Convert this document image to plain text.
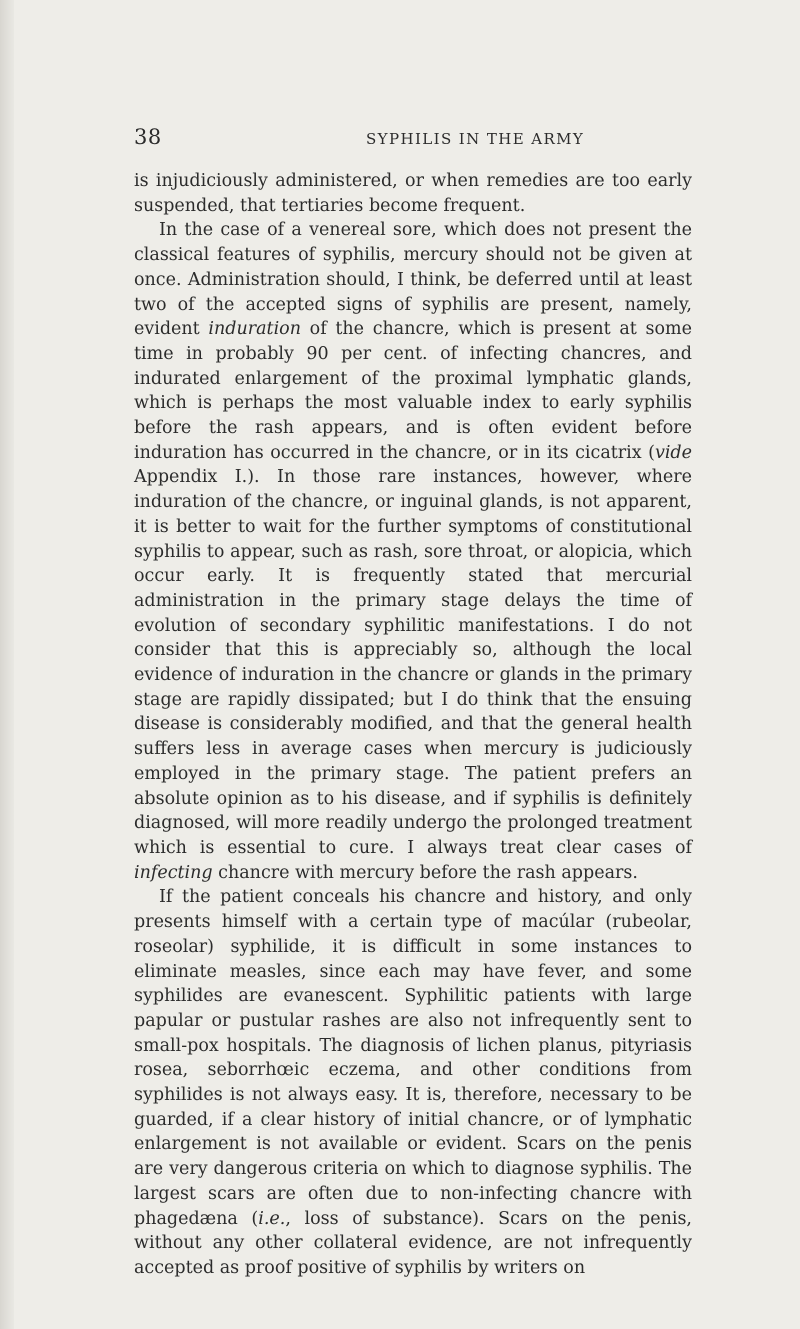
38	SYPHILIS IN THE ARMY

is injudiciously administered, or when remedies are too early suspended, that tertiaries become frequent.

In the case of a venereal sore, which does not present the classical features of syphilis, mercury should not be given at once. Administration should, I think, be deferred until at least two of the accepted signs of syphilis are present, namely, evident induration of the chancre, which is present at some time in probably 90 per cent. of infecting chancres, and indurated enlargement of the proximal lymphatic glands, which is perhaps the most valuable index to early syphilis before the rash appears, and is often evident before induration has occurred in the chancre, or in its cicatrix (vide Appendix I.). In those rare instances, however, where induration of the chancre, or inguinal glands, is not apparent, it is better to wait for the further symptoms of constitutional syphilis to appear, such as rash, sore throat, or alopicia, which occur early. It is frequently stated that mercurial administration in the primary stage delays the time of evolution of secondary syphilitic manifestations. I do not consider that this is appreciably so, although the local evidence of induration in the chancre or glands in the primary stage are rapidly dissipated; but I do think that the ensuing disease is considerably modified, and that the general health suffers less in average cases when mercury is judiciously employed in the primary stage. The patient prefers an absolute opinion as to his disease, and if syphilis is definitely diagnosed, will more readily undergo the prolonged treatment which is essential to cure. I always treat clear cases of infecting chancre with mercury before the rash appears.

If the patient conceals his chancre and history, and only presents himself with a certain type of macúlar (rubeolar, roseolar) syphilide, it is difficult in some instances to eliminate measles, since each may have fever, and some syphilides are evanescent. Syphilitic patients with large papular or pustular rashes are also not infrequently sent to small-pox hospitals. The diagnosis of lichen planus, pityriasis rosea, seborrhœic eczema, and other conditions from syphilides is not always easy. It is, therefore, necessary to be guarded, if a clear history of initial chancre, or of lymphatic enlargement is not available or evident. Scars on the penis are very dangerous criteria on which to diagnose syphilis. The largest scars are often due to non-infecting chancre with phagedæna (i.e., loss of substance). Scars on the penis, without any other collateral evidence, are not infrequently accepted as proof positive of syphilis by writers on
